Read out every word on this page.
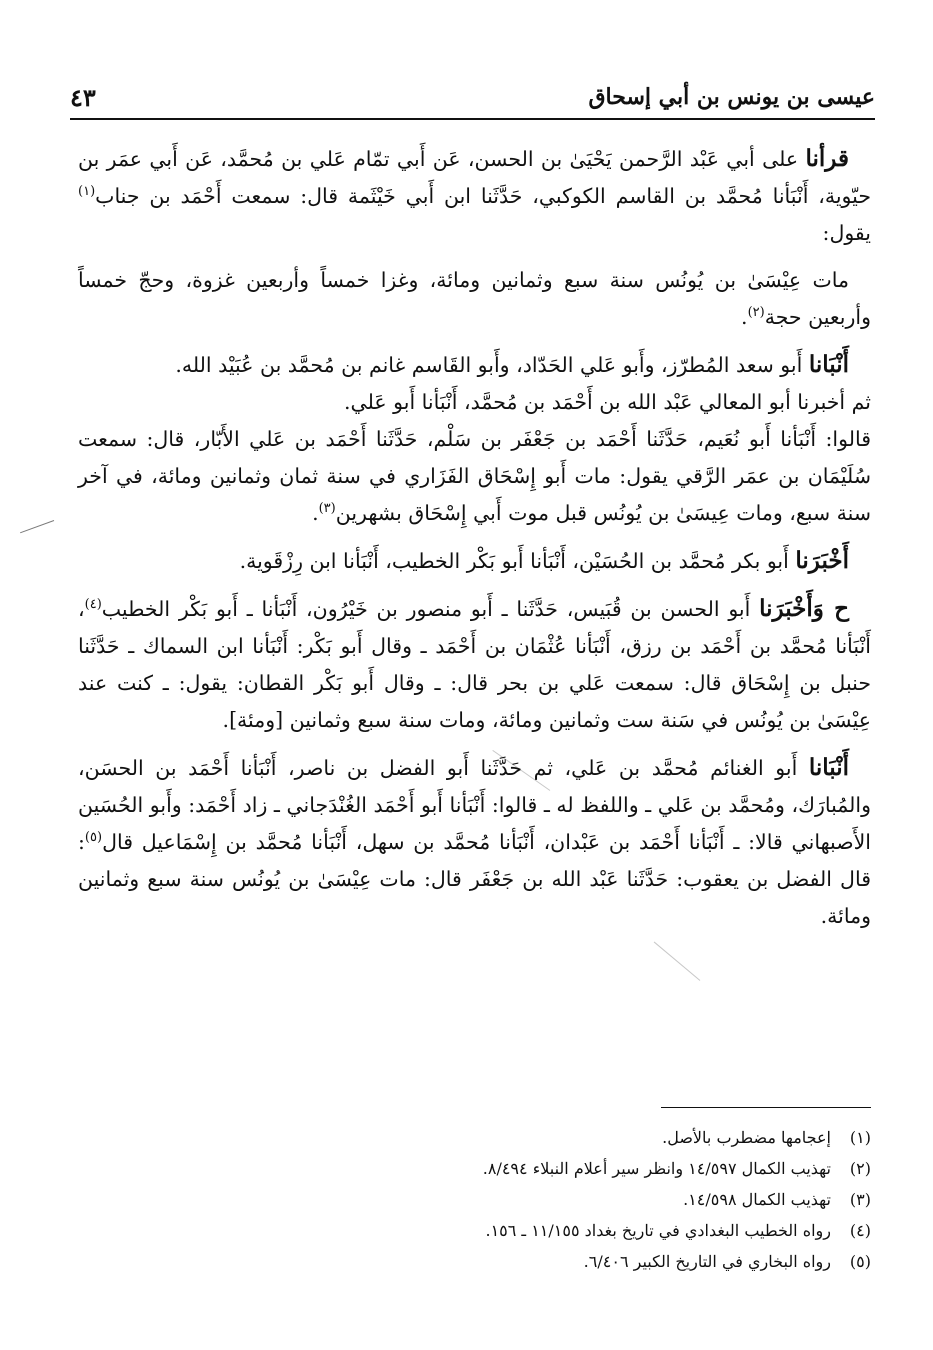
عيسى بن يونس بن أبي إسحاق
٤٣

قرأنا على أبي عَبْد الرَّحمن يَحْيَىٰ بن الحسن، عَن أَبي تمّام عَلي بن مُحمَّد، عَن أَبي عمَر بن حيّوية، أَنْبَأنا مُحمَّد بن القاسم الكوكبي، حَدَّثَنا ابن أَبي خَيْثَمة قال: سمعت أَحْمَد بن جناب$^{(١)}$ يقول:

مات عِيْسَىٰ بن يُونُس سنة سبع وثمانين ومائة، وغزا خمساً وأربعين غزوة، وحجّ خمساً وأربعين حجة$^{(٢)}$.

أَنْبَانا أَبو سعد المُطرّز، وأَبو عَلي الحَدّاد، وأَبو القَاسم غانم بن مُحمَّد بن عُبَيْد الله.
ثم أخبرنا أبو المعالي عَبْد الله بن أَحْمَد بن مُحمَّد، أَنْبَأنا أَبو عَلي.
قالوا: أَنْبَأنا أَبو نُعَيم، حَدَّثَنا أَحْمَد بن جَعْفَر بن سَلْم، حَدَّثَنا أَحْمَد بن عَلي الأَبّار، قال: سمعت سُلَيْمَان بن عمَر الرَّقي يقول: مات أَبو إِسْحَاق الفَزَاري في سنة ثمان وثمانين ومائة، في آخر سنة سبع، ومات عِيسَىٰ بن يُونُس قبل موت أَبي إِسْحَاق بشهرين$^{(٣)}$.

أَخْبَرَنا أَبو بكر مُحمَّد بن الحُسَيْن، أَنْبَأنا أَبو بَكْر الخطيب، أَنْبَأنا ابن رِزْقَوية.

ح وَأَخْبَرَنا أَبو الحسن بن قُبَيس، حَدَّثَنا ـ أَبو منصور بن خَيْرُون، أَنْبَأنا ـ أَبو بَكْر الخطيب$^{(٤)}$، أَنْبَأنا مُحمَّد بن أَحْمَد بن رزق، أَنْبَأنا عُثْمَان بن أَحْمَد ـ وقال أَبو بَكْر: أَنْبَأنا ابن السماك ـ حَدَّثَنا حنبل بن إِسْحَاق قال: سمعت عَلي بن بحر قال: ـ وقال أَبو بَكْر القطان: يقول: ـ كنت عند عِيْسَىٰ بن يُونُس في سَنة ست وثمانين ومائة، ومات سنة سبع وثمانين [ومئة].

أَنْبَانا أَبو الغنائم مُحمَّد بن عَلي، ثم حَدَّثَنا أَبو الفضل بن ناصر، أَنْبَأنا أَحْمَد بن الحسَن، والمُبارَك، ومُحمَّد بن عَلي ـ واللفظ له ـ قالوا: أَنْبَأنا أَبو أَحْمَد الغُنْدَجاني ـ زاد أَحْمَد: وأَبو الحُسَين الأَصبهاني قالا: ـ أَنْبَأنا أَحْمَد بن عَبْدان، أَنْبَأنا مُحمَّد بن سهل، أَنْبَأنا مُحمَّد بن إِسْمَاعيل قال$^{(٥)}$: قال الفضل بن يعقوب: حَدَّثَنا عَبْد الله بن جَعْفَر قال: مات عِيْسَىٰ بن يُونُس سنة سبع وثمانين ومائة.

(١)
إعجامها مضطرب بالأصل.
(٢)
تهذيب الكمال ١٤/٥٩٧ وانظر سير أعلام النبلاء ٨/٤٩٤.
(٣)
تهذيب الكمال ١٤/٥٩٨.
(٤)
رواه الخطيب البغدادي في تاريخ بغداد ١١/١٥٥ ـ ١٥٦.
(٥)
رواه البخاري في التاريخ الكبير ٦/٤٠٦.
